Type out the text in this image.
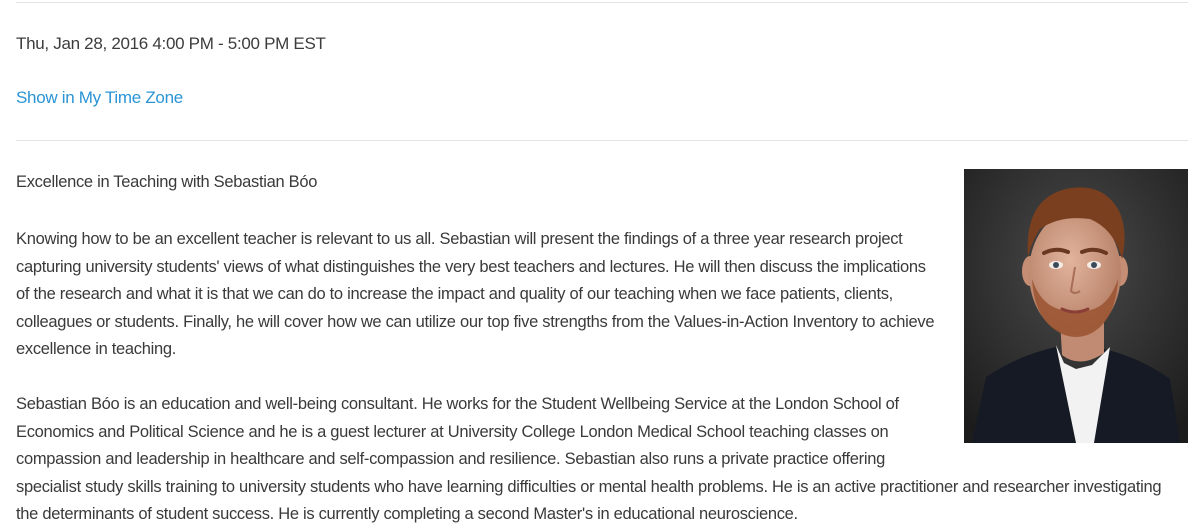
Thu, Jan 28, 2016 4:00 PM - 5:00 PM EST
Show in My Time Zone
Excellence in Teaching with Sebastian Bóo

Knowing how to be an excellent teacher is relevant to us all. Sebastian will present the findings of a three year research project
capturing university students' views of what distinguishes the very best teachers and lectures. He will then discuss the implications
of the research and what it is that we can do to increase the impact and quality of our teaching when we face patients, clients,
colleagues or students. Finally, he will cover how we can utilize our top five strengths from the Values-in-Action Inventory to achieve
excellence in teaching.

Sebastian Bóo is an education and well-being consultant. He works for the Student Wellbeing Service at the London School of
Economics and Political Science and he is a guest lecturer at University College London Medical School teaching classes on
compassion and leadership in healthcare and self-compassion and resilience. Sebastian also runs a private practice offering
specialist study skills training to university students who have learning difficulties or mental health problems. He is an active practitioner and researcher investigating
the determinants of student success. He is currently completing a second Master's in educational neuroscience.
